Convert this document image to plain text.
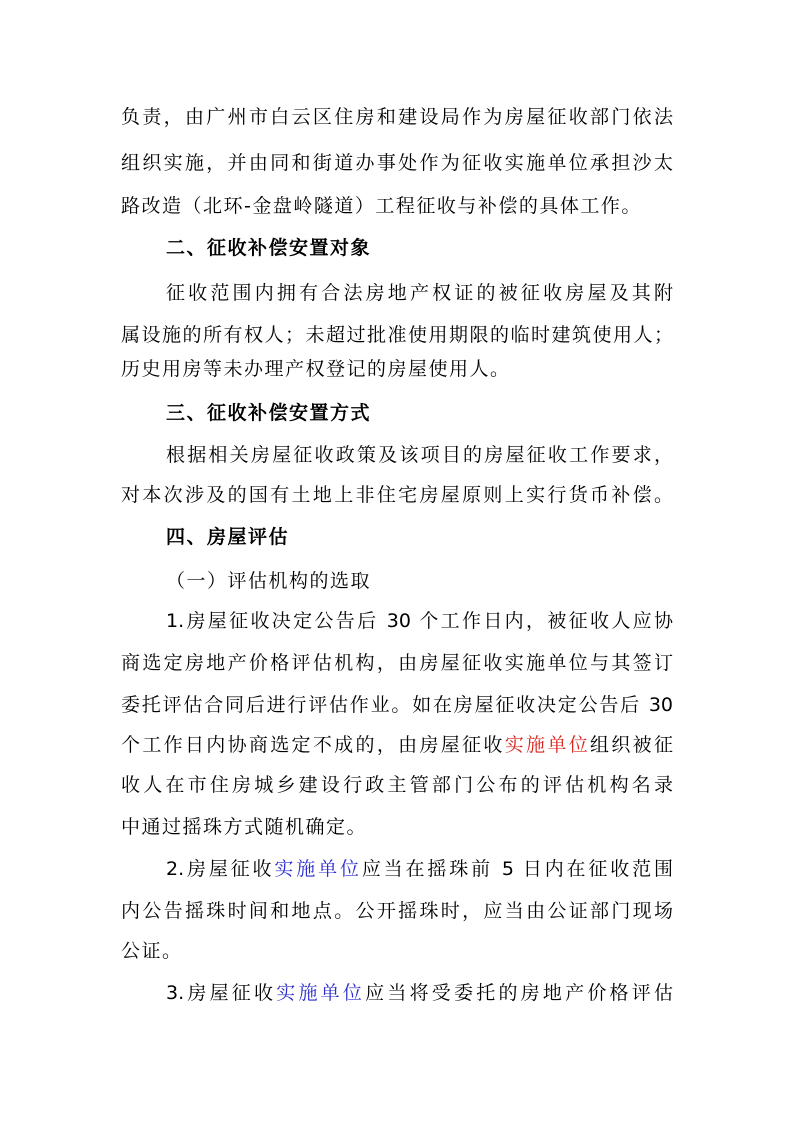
负责，由广州市白云区住房和建设局作为房屋征收部门依法
组织实施，并由同和街道办事处作为征收实施单位承担沙太
路改造（北环-金盘岭隧道）工程征收与补偿的具体工作。
二、征收补偿安置对象
征收范围内拥有合法房地产权证的被征收房屋及其附
属设施的所有权人；未超过批准使用期限的临时建筑使用人；
历史用房等未办理产权登记的房屋使用人。
三、征收补偿安置方式
根据相关房屋征收政策及该项目的房屋征收工作要求，
对本次涉及的国有土地上非住宅房屋原则上实行货币补偿。
四、房屋评估
（一）评估机构的选取
1.房屋征收决定公告后 30 个工作日内，被征收人应协
商选定房地产价格评估机构，由房屋征收实施单位与其签订
委托评估合同后进行评估作业。如在房屋征收决定公告后 30
个工作日内协商选定不成的，由房屋征收实施单位组织被征
收人在市住房城乡建设行政主管部门公布的评估机构名录
中通过摇珠方式随机确定。
2.房屋征收实施单位应当在摇珠前 5 日内在征收范围
内公告摇珠时间和地点。公开摇珠时，应当由公证部门现场
公证。
3.房屋征收实施单位应当将受委托的房地产价格评估
